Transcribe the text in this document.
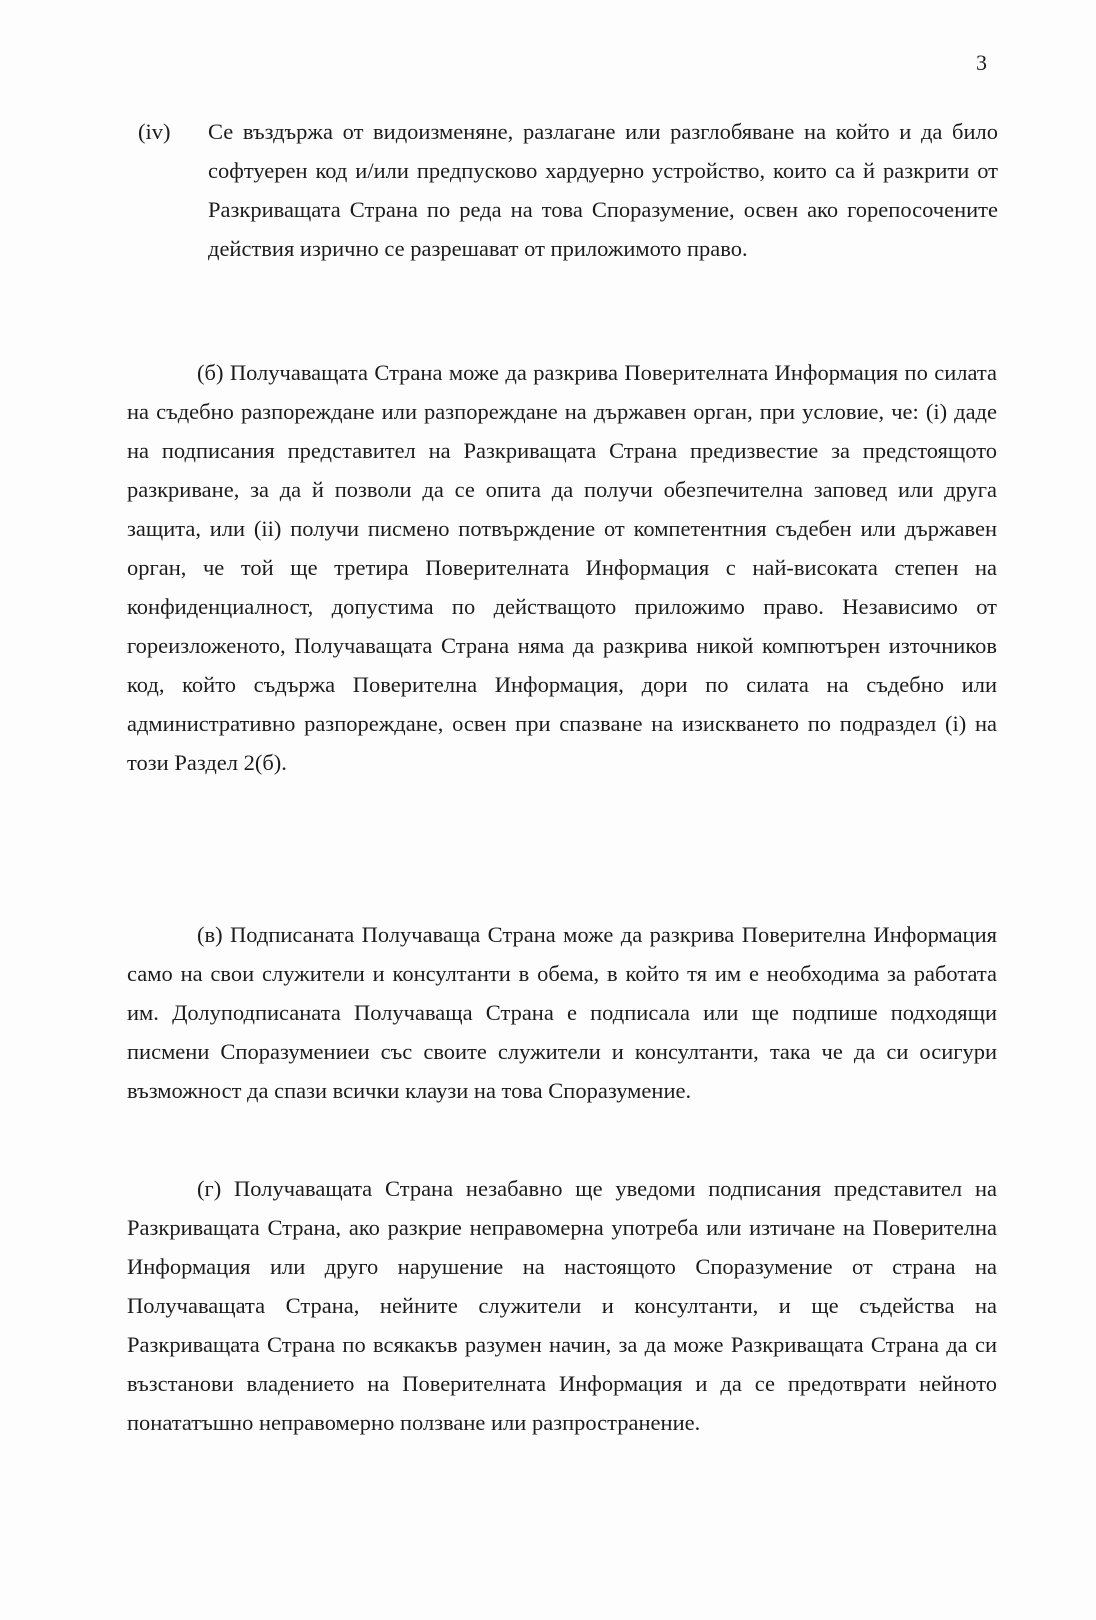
3
(iv) Се въздържа от видоизменяне, разлагане или разглобяване на който и да било софтуерен код и/или предпусково хардуерно устройство, които са й разкрити от Разкриващата Страна по реда на това Споразумение, освен ако горепосочените действия изрично се разрешават от приложимото право.

(б) Получаващата Страна може да разкрива Поверителната Информация по силата на съдебно разпореждане или разпореждане на държавен орган, при условие, че: (i) даде на подписания представител на Разкриващата Страна предизвестие за предстоящото разкриване, за да й позволи да се опита да получи обезпечителна заповед или друга защита, или (ii) получи писмено потвърждение от компетентния съдебен или държавен орган, че той ще третира Поверителната Информация с най-високата степен на конфиденциалност, допустима по действащото приложимо право. Независимо от гореизложеното, Получаващата Страна няма да разкрива никой компютърен източников код, който съдържа Поверителна Информация, дори по силата на съдебно или административно разпореждане, освен при спазване на изискването по подраздел (i) на този Раздел 2(б).

(в) Подписаната Получаваща Страна може да разкрива Поверителна Информация само на свои служители и консултанти в обема, в който тя им е необходима за работата им. Долуподписаната Получаваща Страна е подписала или ще подпише подходящи писмени Споразумениеи със своите служители и консултанти, така че да си осигури възможност да спази всички клаузи на това Споразумение.

(г) Получаващата Страна незабавно ще уведоми подписания представител на Разкриващата Страна, ако разкрие неправомерна употреба или изтичане на Поверителна Информация или друго нарушение на настоящото Споразумение от страна на Получаващата Страна, нейните служители и консултанти, и ще съдейства на Разкриващата Страна по всякакъв разумен начин, за да може Разкриващата Страна да си възстанови владението на Поверителната Информация и да се предотврати нейното понататъшно неправомерно ползване или разпространение.
